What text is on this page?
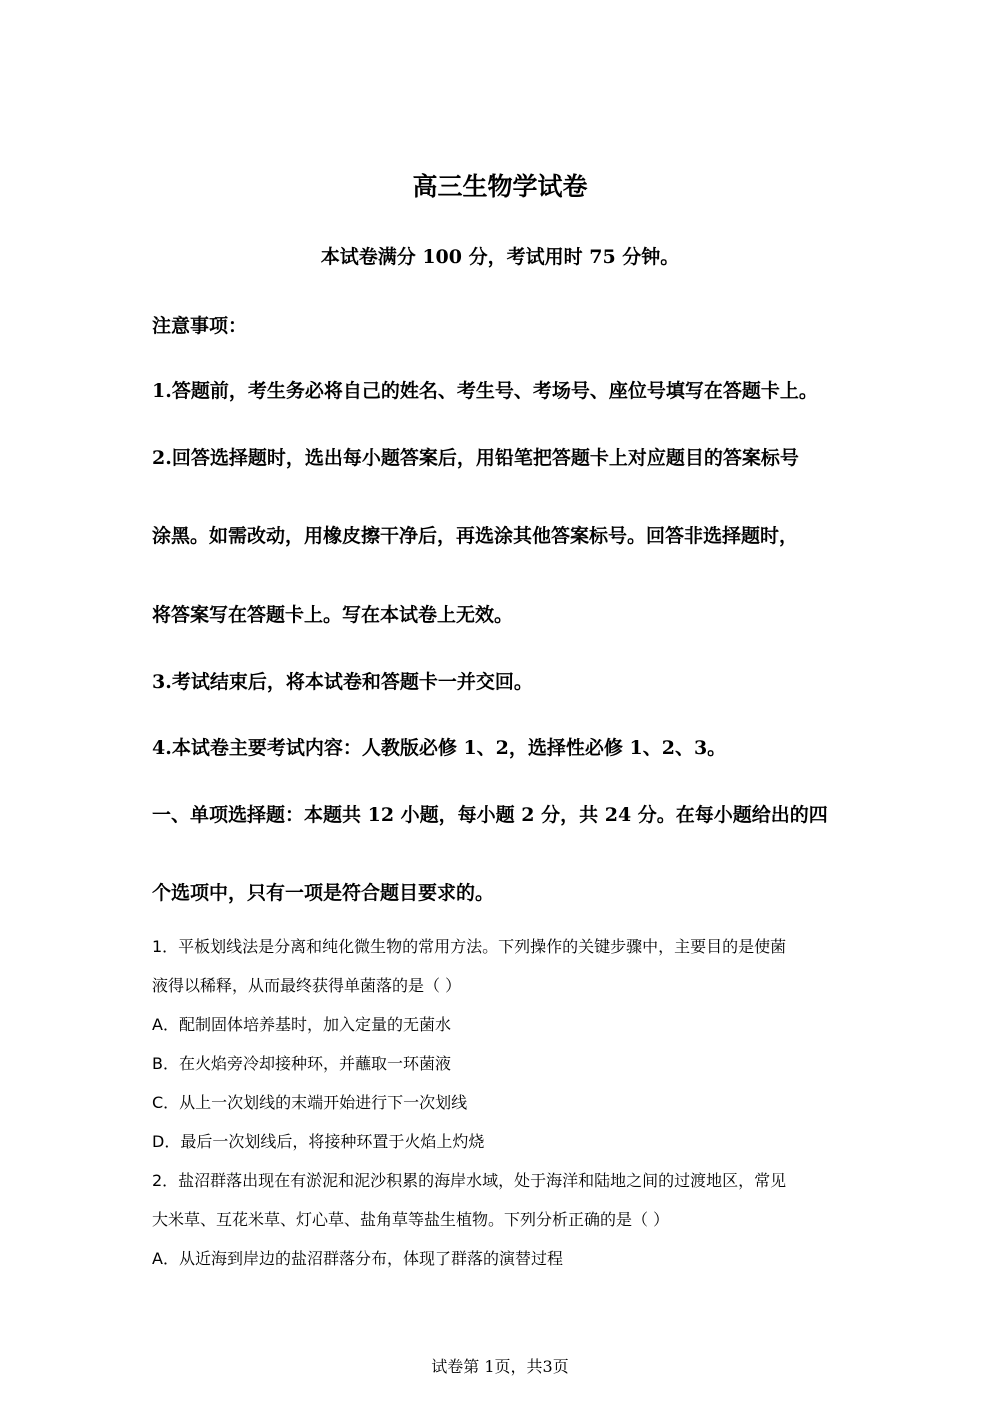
高三生物学试卷
本试卷满分 100 分，考试用时 75 分钟。
注意事项：
1.答题前，考生务必将自己的姓名、考生号、考场号、座位号填写在答题卡上。
2.回答选择题时，选出每小题答案后，用铅笔把答题卡上对应题目的答案标号
涂黑。如需改动，用橡皮擦干净后，再选涂其他答案标号。回答非选择题时，
将答案写在答题卡上。写在本试卷上无效。
3.考试结束后，将本试卷和答题卡一并交回。
4.本试卷主要考试内容：人教版必修 1、2，选择性必修 1、2、3。
一、单项选择题：本题共 12 小题，每小题 2 分，共 24 分。在每小题给出的四
个选项中，只有一项是符合题目要求的。
1．平板划线法是分离和纯化微生物的常用方法。下列操作的关键步骤中，主要目的是使菌
液得以稀释，从而最终获得单菌落的是（ ）
A．配制固体培养基时，加入定量的无菌水
B．在火焰旁冷却接种环，并蘸取一环菌液
C．从上一次划线的末端开始进行下一次划线
D．最后一次划线后，将接种环置于火焰上灼烧
2．盐沼群落出现在有淤泥和泥沙积累的海岸水域，处于海洋和陆地之间的过渡地区，常见
大米草、互花米草、灯心草、盐角草等盐生植物。下列分析正确的是（ ）
A．从近海到岸边的盐沼群落分布，体现了群落的演替过程
试卷第 1页，共3页
